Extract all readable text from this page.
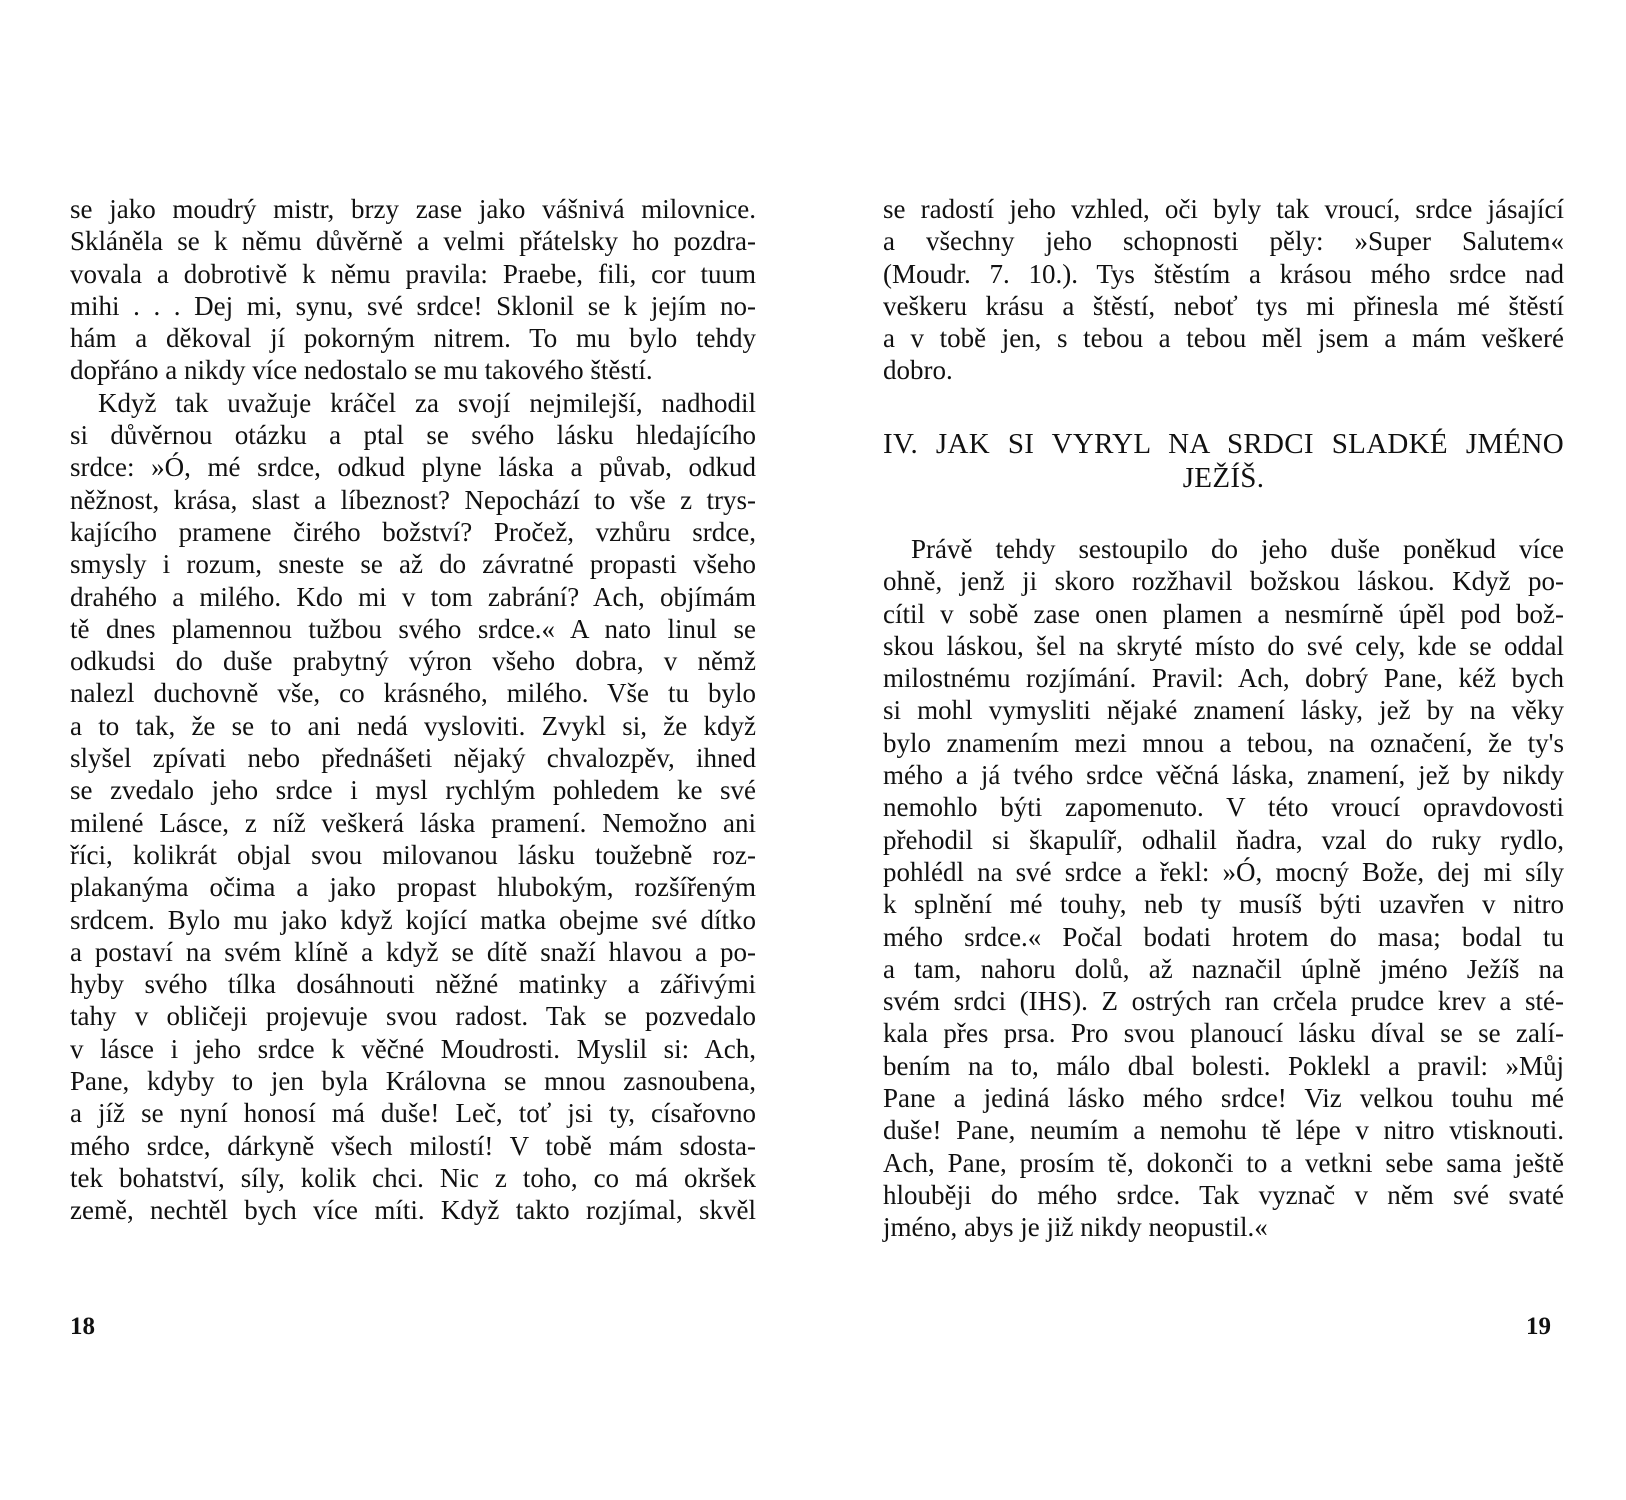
se jako moudrý mistr, brzy zase jako vášnivá milovnice.
Skláněla se k němu důvěrně a velmi přátelsky ho pozdra-
vovala a dobrotivě k němu pravila: Praebe, fili, cor tuum
mihi . . . Dej mi, synu, své srdce! Sklonil se k jejím no-
hám a děkoval jí pokorným nitrem. To mu bylo tehdy
dopřáno a nikdy více nedostalo se mu takového štěstí.
Když tak uvažuje kráčel za svojí nejmilejší, nadhodil
si důvěrnou otázku a ptal se svého lásku hledajícího
srdce: »Ó, mé srdce, odkud plyne láska a půvab, odkud
něžnost, krása, slast a líbeznost? Nepochází to vše z trys-
kajícího pramene čirého božství? Pročež, vzhůru srdce,
smysly i rozum, sneste se až do závratné propasti všeho
drahého a milého. Kdo mi v tom zabrání? Ach, objímám
tě dnes plamennou tužbou svého srdce.« A nato linul se
odkudsi do duše prabytný výron všeho dobra, v němž
nalezl duchovně vše, co krásného, milého. Vše tu bylo
a to tak, že se to ani nedá vysloviti. Zvykl si, že když
slyšel zpívati nebo přednášeti nějaký chvalozpěv, ihned
se zvedalo jeho srdce i mysl rychlým pohledem ke své
milené Lásce, z níž veškerá láska pramení. Nemožno ani
říci, kolikrát objal svou milovanou lásku toužebně roz-
plakanýma očima a jako propast hlubokým, rozšířeným
srdcem. Bylo mu jako když kojící matka obejme své dítko
a postaví na svém klíně a když se dítě snaží hlavou a po-
hyby svého tílka dosáhnouti něžné matinky a zářivými
tahy v obličeji projevuje svou radost. Tak se pozvedalo
v lásce i jeho srdce k věčné Moudrosti. Myslil si: Ach,
Pane, kdyby to jen byla Královna se mnou zasnoubena,
a jíž se nyní honosí má duše! Leč, toť jsi ty, císařovno
mého srdce, dárkyně všech milostí! V tobě mám sdosta-
tek bohatství, síly, kolik chci. Nic z toho, co má okršek
země, nechtěl bych více míti. Když takto rozjímal, skvěl
18
se radostí jeho vzhled, oči byly tak vroucí, srdce jásající
a všechny jeho schopnosti pěly: »Super Salutem«
(Moudr. 7. 10.). Tys štěstím a krásou mého srdce nad
veškeru krásu a štěstí, neboť tys mi přinesla mé štěstí
a v tobě jen, s tebou a tebou měl jsem a mám veškeré
dobro.
IV. JAK SI VYRYL NA SRDCI SLADKÉ JMÉNO
JEŽÍŠ.
Právě tehdy sestoupilo do jeho duše poněkud více
ohně, jenž ji skoro rozžhavil božskou láskou. Když po-
cítil v sobě zase onen plamen a nesmírně úpěl pod bož-
skou láskou, šel na skryté místo do své cely, kde se oddal
milostnému rozjímání. Pravil: Ach, dobrý Pane, kéž bych
si mohl vymysliti nějaké znamení lásky, jež by na věky
bylo znamením mezi mnou a tebou, na označení, že ty's
mého a já tvého srdce věčná láska, znamení, jež by nikdy
nemohlo býti zapomenuto. V této vroucí opravdovosti
přehodil si škapulíř, odhalil ňadra, vzal do ruky rydlo,
pohlédl na své srdce a řekl: »Ó, mocný Bože, dej mi síly
k splnění mé touhy, neb ty musíš býti uzavřen v nitro
mého srdce.« Počal bodati hrotem do masa; bodal tu
a tam, nahoru dolů, až naznačil úplně jméno Ježíš na
svém srdci (IHS). Z ostrých ran crčela prudce krev a sté-
kala přes prsa. Pro svou planoucí lásku díval se se zalí-
bením na to, málo dbal bolesti. Poklekl a pravil: »Můj
Pane a jediná lásko mého srdce! Viz velkou touhu mé
duše! Pane, neumím a nemohu tě lépe v nitro vtisknouti.
Ach, Pane, prosím tě, dokonči to a vetkni sebe sama ještě
hlouběji do mého srdce. Tak vyznač v něm své svaté
jméno, abys je již nikdy neopustil.«
19
